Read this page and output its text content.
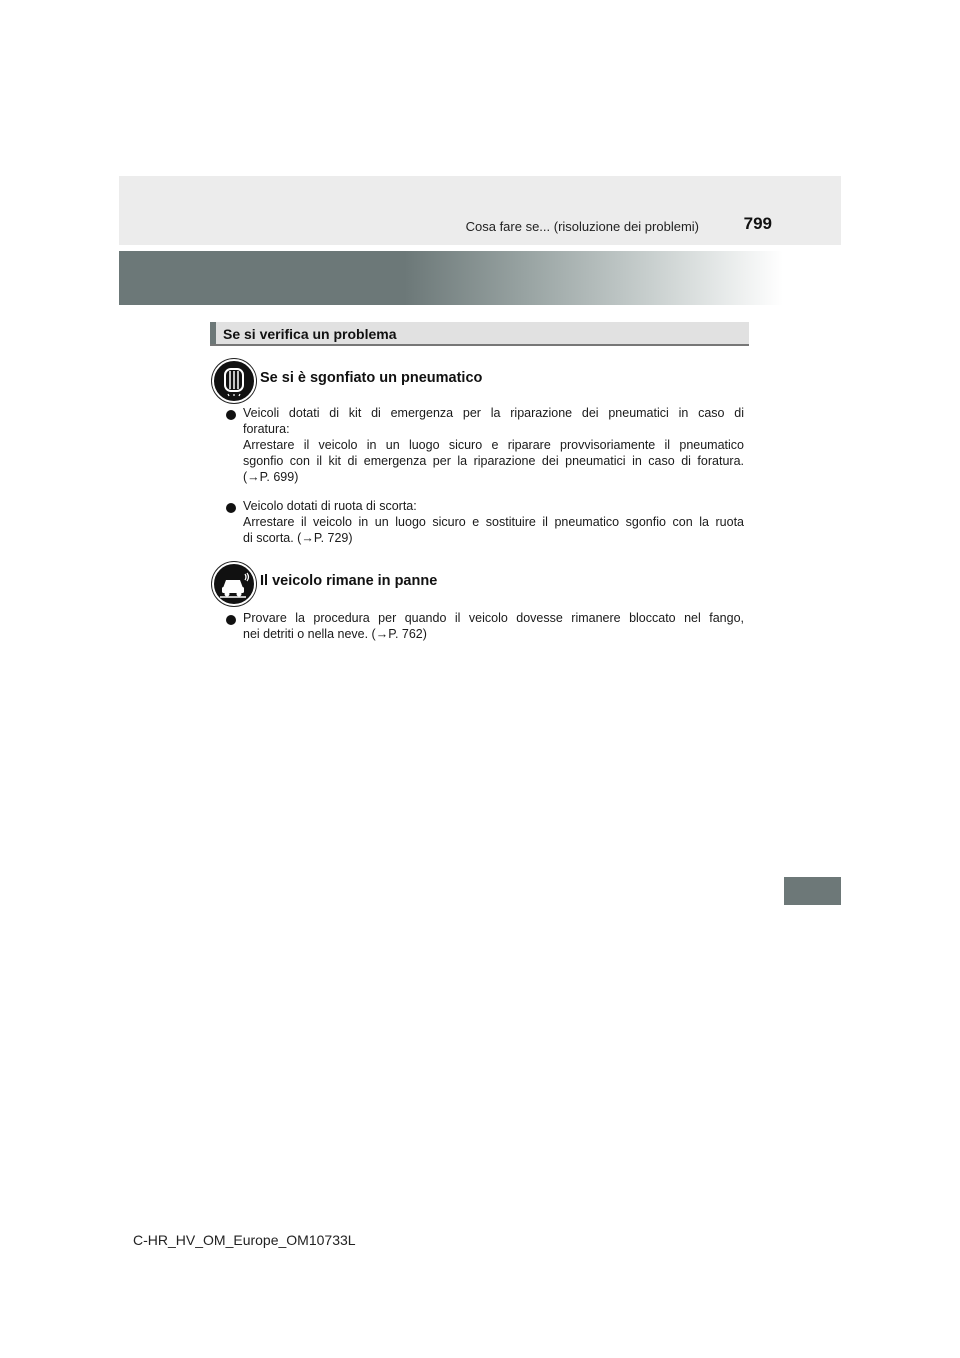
Cosa fare se... (risoluzione dei problemi)	799
Se si verifica un problema
Se si è sgonfiato un pneumatico
Veicoli dotati di kit di emergenza per la riparazione dei pneumatici in caso di
foratura:
Arrestare il veicolo in un luogo sicuro e riparare provvisoriamente il pneumatico
sgonfio con il kit di emergenza per la riparazione dei pneumatici in caso di foratura.
(→P. 699)
Veicolo dotati di ruota di scorta:
Arrestare il veicolo in un luogo sicuro e sostituire il pneumatico sgonfio con la ruota
di scorta. (→P. 729)
Il veicolo rimane in panne
Provare la procedura per quando il veicolo dovesse rimanere bloccato nel fango,
nei detriti o nella neve. (→P. 762)
C-HR_HV_OM_Europe_OM10733L
